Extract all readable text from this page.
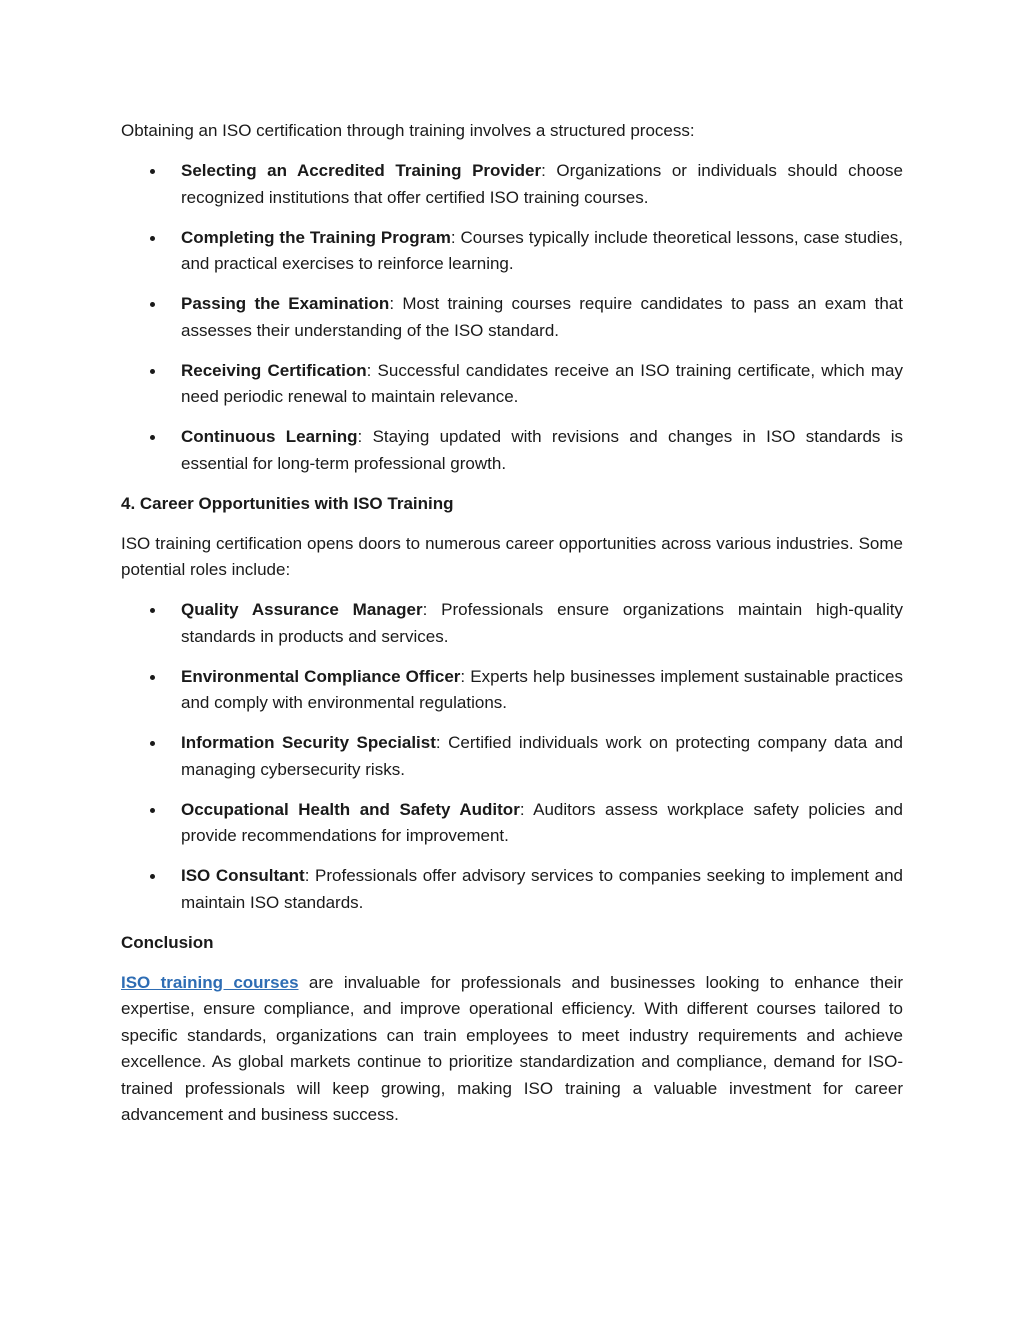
Obtaining an ISO certification through training involves a structured process:

Selecting an Accredited Training Provider: Organizations or individuals should choose recognized institutions that offer certified ISO training courses.
Completing the Training Program: Courses typically include theoretical lessons, case studies, and practical exercises to reinforce learning.
Passing the Examination: Most training courses require candidates to pass an exam that assesses their understanding of the ISO standard.
Receiving Certification: Successful candidates receive an ISO training certificate, which may need periodic renewal to maintain relevance.
Continuous Learning: Staying updated with revisions and changes in ISO standards is essential for long-term professional growth.
4. Career Opportunities with ISO Training

ISO training certification opens doors to numerous career opportunities across various industries. Some potential roles include:

Quality Assurance Manager: Professionals ensure organizations maintain high-quality standards in products and services.
Environmental Compliance Officer: Experts help businesses implement sustainable practices and comply with environmental regulations.
Information Security Specialist: Certified individuals work on protecting company data and managing cybersecurity risks.
Occupational Health and Safety Auditor: Auditors assess workplace safety policies and provide recommendations for improvement.
ISO Consultant: Professionals offer advisory services to companies seeking to implement and maintain ISO standards.
Conclusion

ISO training courses are invaluable for professionals and businesses looking to enhance their expertise, ensure compliance, and improve operational efficiency. With different courses tailored to specific standards, organizations can train employees to meet industry requirements and achieve excellence. As global markets continue to prioritize standardization and compliance, demand for ISO-trained professionals will keep growing, making ISO training a valuable investment for career advancement and business success.
